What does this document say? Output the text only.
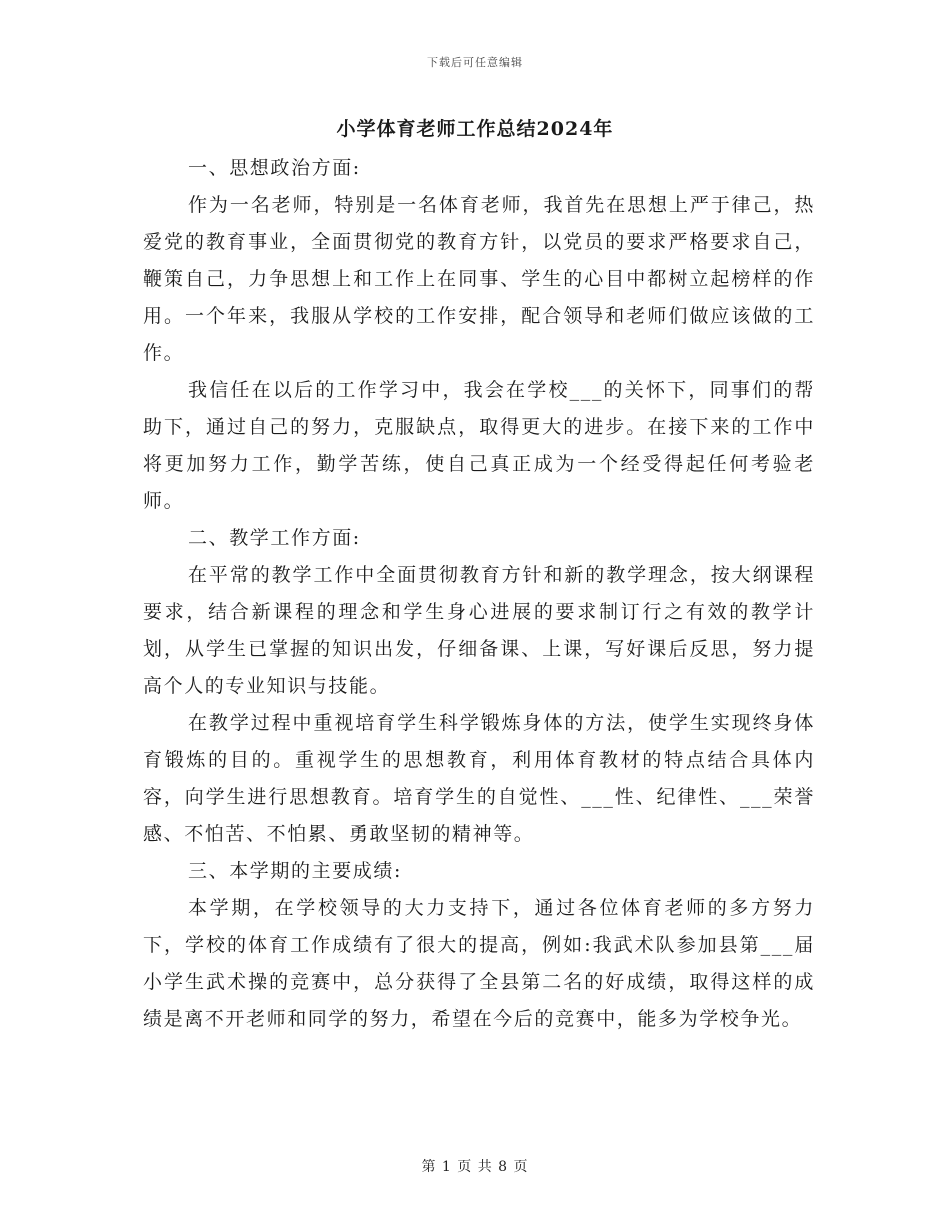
下载后可任意编辑
小学体育老师工作总结2024年

一、思想政治方面:

作为一名老师，特别是一名体育老师，我首先在思想上严于律己，热爱党的教育事业，全面贯彻党的教育方针，以党员的要求严格要求自己，鞭策自己，力争思想上和工作上在同事、学生的心目中都树立起榜样的作用。一个年来，我服从学校的工作安排，配合领导和老师们做应该做的工作。

我信任在以后的工作学习中，我会在学校___的关怀下，同事们的帮助下，通过自己的努力，克服缺点，取得更大的进步。在接下来的工作中将更加努力工作，勤学苦练，使自己真正成为一个经受得起任何考验老师。

二、教学工作方面:

在平常的教学工作中全面贯彻教育方针和新的教学理念，按大纲课程要求，结合新课程的理念和学生身心进展的要求制订行之有效的教学计划，从学生已掌握的知识出发，仔细备课、上课，写好课后反思，努力提高个人的专业知识与技能。

在教学过程中重视培育学生科学锻炼身体的方法，使学生实现终身体育锻炼的目的。重视学生的思想教育，利用体育教材的特点结合具体内容，向学生进行思想教育。培育学生的自觉性、___性、纪律性、___荣誉感、不怕苦、不怕累、勇敢坚韧的精神等。

三、本学期的主要成绩:

本学期，在学校领导的大力支持下，通过各位体育老师的多方努力下，学校的体育工作成绩有了很大的提高，例如:我武术队参加县第___届小学生武术操的竞赛中，总分获得了全县第二名的好成绩，取得这样的成绩是离不开老师和同学的努力，希望在今后的竞赛中，能多为学校争光。

第 1 页 共 8 页
